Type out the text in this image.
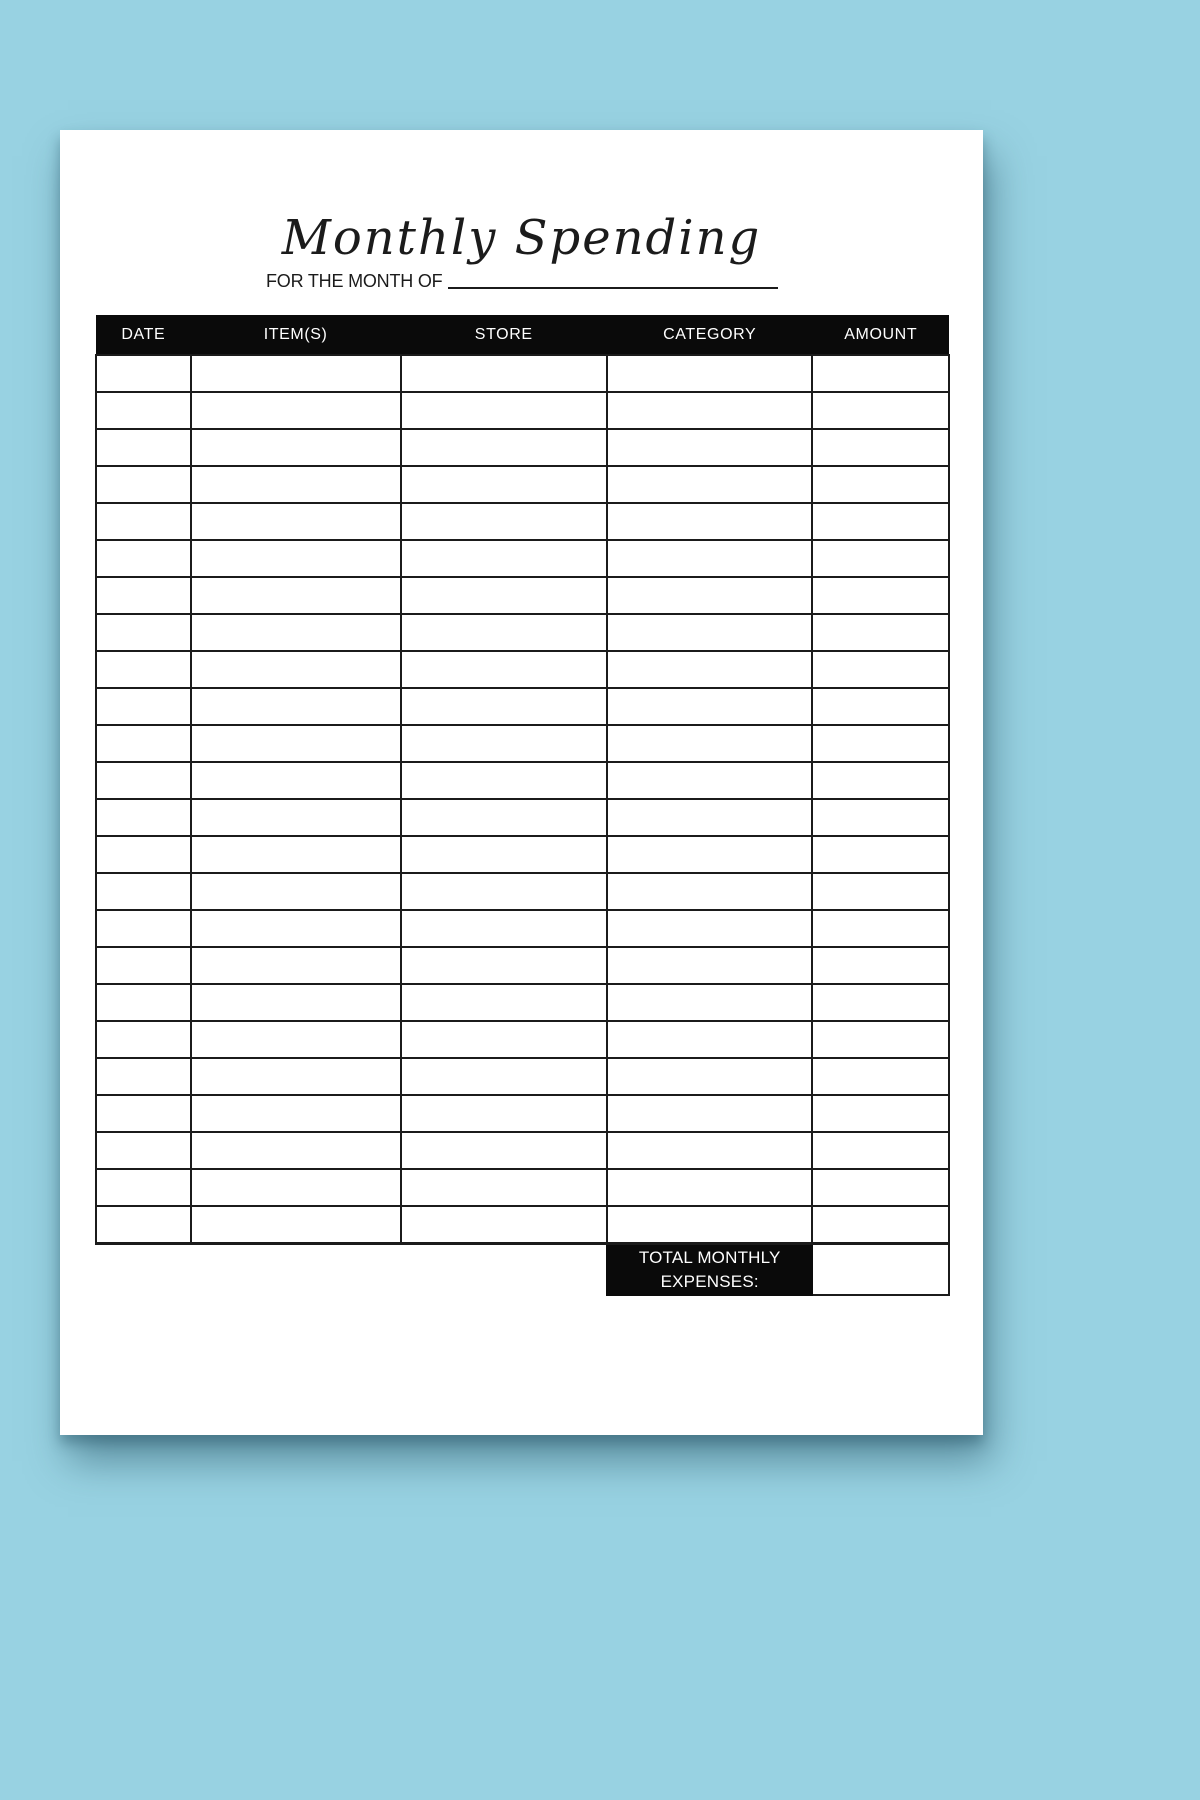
Monthly Spending
FOR THE MONTH OF
DATE	ITEM(S)	STORE	CATEGORY	AMOUNT

			TOTAL MONTHLY
EXPENSES:	
